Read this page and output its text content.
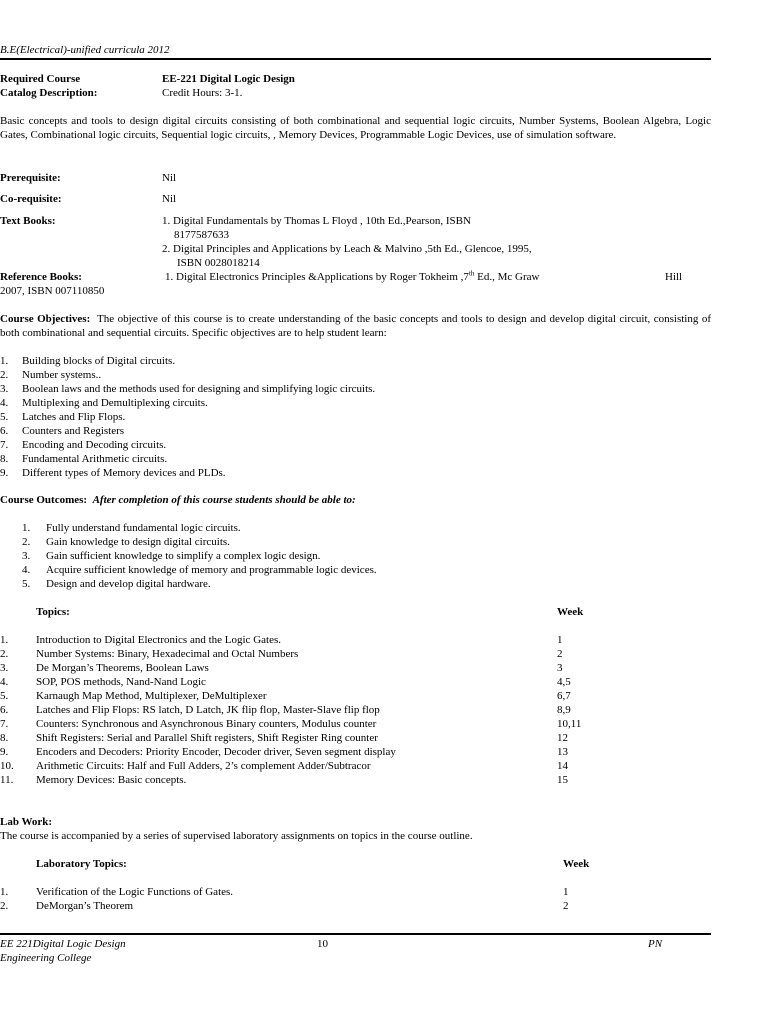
B.E(Electrical)-unified curricula 2012
Required Course	EE-221 Digital Logic Design
Catalog Description:	Credit Hours: 3-1.
Basic concepts and tools to design digital circuits consisting of both combinational and sequential logic circuits, Number Systems, Boolean Algebra, Logic Gates, Combinational logic circuits, Sequential logic circuits, , Memory Devices, Programmable Logic Devices, use of simulation software.
Prerequisite:	Nil
Co-requisite:	Nil
Text Books:	1. Digital Fundamentals by Thomas L Floyd , 10th Ed.,Pearson, ISBN
8177587633
2. Digital Principles and Applications by Leach & Malvino ,5th Ed., Glencoe, 1995,
ISBN 0028018214
Reference Books:	1. Digital Electronics Principles &Applications by Roger Tokheim ,7th Ed., Mc Graw	Hill
2007, ISBN 007110850
Course Objectives: The objective of this course is to create understanding of the basic concepts and tools to design and develop digital circuit, consisting of both combinational and sequential circuits. Specific objectives are to help student learn:
1. Building blocks of Digital circuits.
2. Number systems..
3. Boolean laws and the methods used for designing and simplifying logic circuits.
4. Multiplexing and Demultiplexing circuits.
5. Latches and Flip Flops.
6. Counters and Registers
7. Encoding and Decoding circuits.
8. Fundamental Arithmetic circuits.
9. Different types of Memory devices and PLDs.
Course Outcomes: After completion of this course students should be able to:
1. Fully understand fundamental logic circuits.
2. Gain knowledge to design digital circuits.
3. Gain sufficient knowledge to simplify a complex logic design.
4. Acquire sufficient knowledge of memory and programmable logic devices.
5. Design and develop digital hardware.
Topics:	Week
1.	Introduction to Digital Electronics and the Logic Gates.	1
2.	Number Systems: Binary, Hexadecimal and Octal Numbers	2
3.	De Morgan’s Theorems, Boolean Laws	3
4.	SOP, POS methods, Nand-Nand Logic	4,5
5.	Karnaugh Map Method, Multiplexer, DeMultiplexer	6,7
6.	Latches and Flip Flops: RS latch, D Latch, JK flip flop, Master-Slave flip flop	8,9
7.	Counters: Synchronous and Asynchronous Binary counters, Modulus counter	10,11
8.	Shift Registers: Serial and Parallel Shift registers, Shift Register Ring counter	12
9.	Encoders and Decoders: Priority Encoder, Decoder driver, Seven segment display	13
10. Arithmetic Circuits: Half and Full Adders, 2’s complement Adder/Subtracor	14
11. Memory Devices: Basic concepts.	15
Lab Work:
The course is accompanied by a series of supervised laboratory assignments on topics in the course outline.
Laboratory Topics:	Week
1.	Verification of the Logic Functions of Gates.	1
2.	DeMorgan’s Theorem	2
EE 221Digital Logic Design
Engineering College
10	PN
